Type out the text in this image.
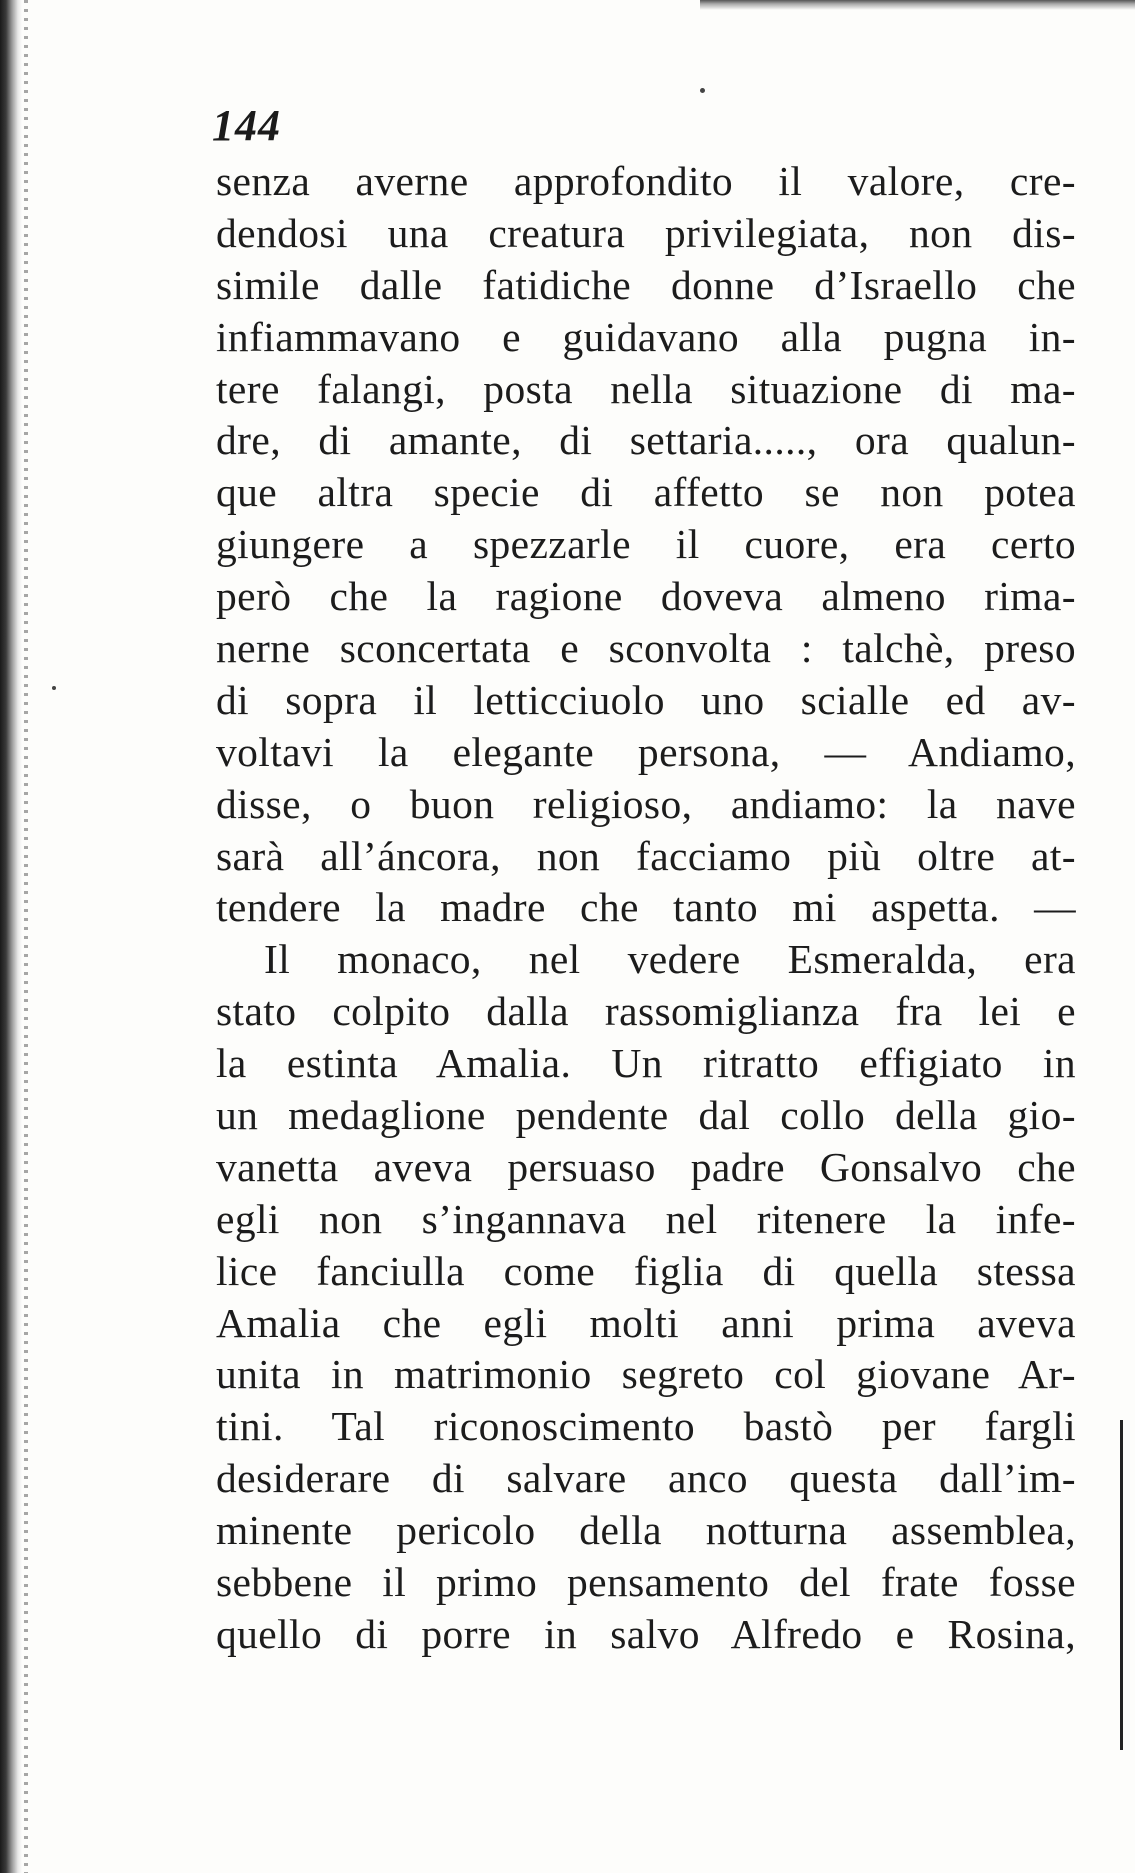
144
senza averne approfondito il valore, cre-
dendosi una creatura privilegiata, non dis-
simile dalle fatidiche donne d’Israello che
infiammavano e guidavano alla pugna in-
tere falangi, posta nella situazione di ma-
dre, di amante, di settaria....., ora qualun-
que altra specie di affetto se non potea
giungere a spezzarle il cuore, era certo
però che la ragione doveva almeno rima-
nerne sconcertata e sconvolta : talchè, preso
di sopra il letticciuolo uno scialle ed av-
voltavi la elegante persona, — Andiamo,
disse, o buon religioso, andiamo: la nave
sarà all’áncora, non facciamo più oltre at-
tendere la madre che tanto mi aspetta. —
Il monaco, nel vedere Esmeralda, era
stato colpito dalla rassomiglianza fra lei e
la estinta Amalia. Un ritratto effigiato in
un medaglione pendente dal collo della gio-
vanetta aveva persuaso padre Gonsalvo che
egli non s’ingannava nel ritenere la infe-
lice fanciulla come figlia di quella stessa
Amalia che egli molti anni prima aveva
unita in matrimonio segreto col giovane Ar-
tini. Tal riconoscimento bastò per fargli
desiderare di salvare anco questa dall’im-
minente pericolo della notturna assemblea,
sebbene il primo pensamento del frate fosse
quello di porre in salvo Alfredo e Rosina,
